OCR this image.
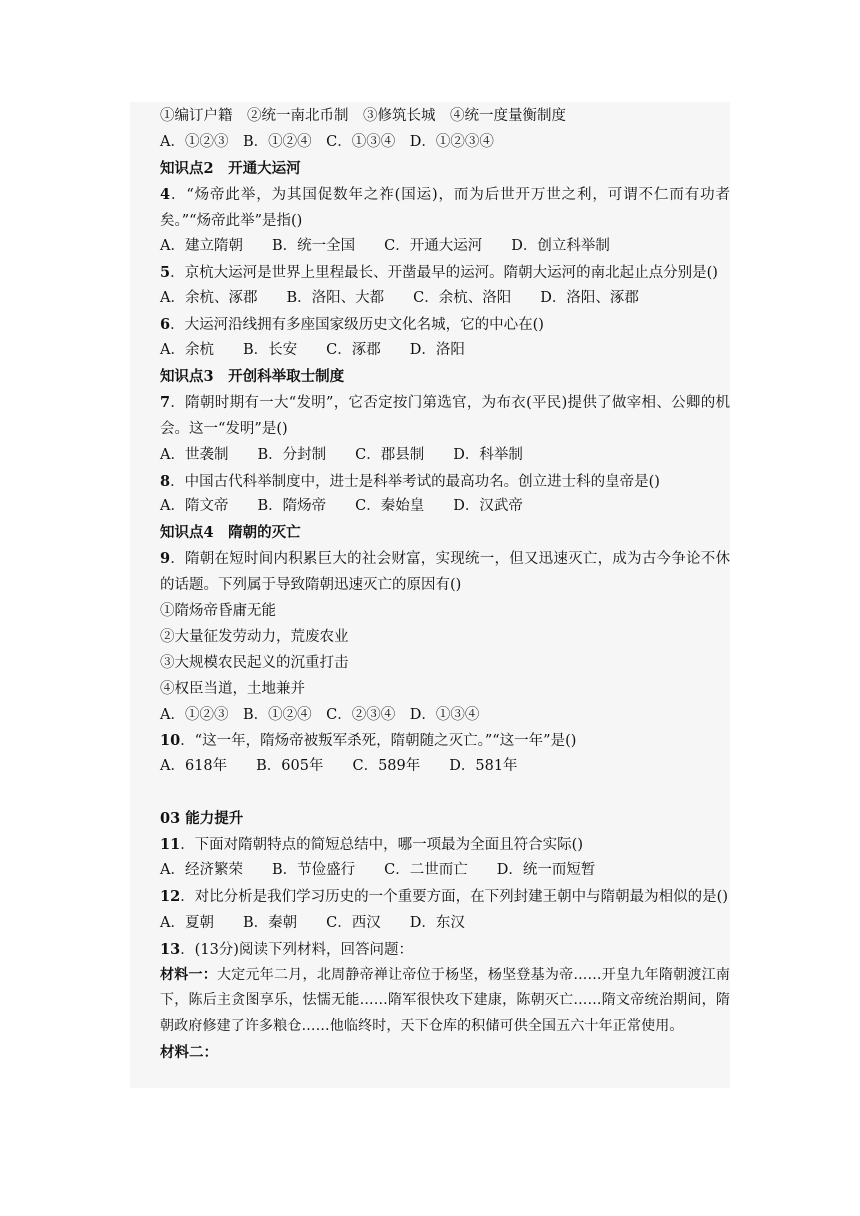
①编订户籍　②统一南北币制　③修筑长城　④统一度量衡制度
A．①②③　B．①②④　C．①③④　D．①②③④
知识点2　开通大运河
4．“炀帝此举，为其国促数年之祚(国运)，而为后世开万世之利，可谓不仁而有功者矣。”“炀帝此举”是指()
A．建立隋朝　　B．统一全国　　C．开通大运河　　D．创立科举制
5．京杭大运河是世界上里程最长、开凿最早的运河。隋朝大运河的南北起止点分别是()
A．余杭、涿郡　　B．洛阳、大都　　C．余杭、洛阳　　D．洛阳、涿郡
6．大运河沿线拥有多座国家级历史文化名城，它的中心在()
A．余杭　　B．长安　　C．涿郡　　D．洛阳
知识点3　开创科举取士制度
7．隋朝时期有一大“发明”，它否定按门第选官，为布衣(平民)提供了做宰相、公卿的机会。这一“发明”是()
A．世袭制　　B．分封制　　C．郡县制　　D．科举制
8．中国古代科举制度中，进士是科举考试的最高功名。创立进士科的皇帝是()
A．隋文帝　　B．隋炀帝　　C．秦始皇　　D．汉武帝
知识点4　隋朝的灭亡
9．隋朝在短时间内积累巨大的社会财富，实现统一，但又迅速灭亡，成为古今争论不休的话题。下列属于导致隋朝迅速灭亡的原因有()
①隋炀帝昏庸无能
②大量征发劳动力，荒废农业
③大规模农民起义的沉重打击
④权臣当道，土地兼并
A．①②③　B．①②④　C．②③④　D．①③④
10．“这一年，隋炀帝被叛军杀死，隋朝随之灭亡。”“这一年”是()
A．618年　　B．605年　　C．589年　　D．581年
03 能力提升
11．下面对隋朝特点的简短总结中，哪一项最为全面且符合实际()
A．经济繁荣　　B．节俭盛行　　C．二世而亡　　D．统一而短暂
12．对比分析是我们学习历史的一个重要方面，在下列封建王朝中与隋朝最为相似的是()
A．夏朝　　B．秦朝　　C．西汉　　D．东汉
13．(13分)阅读下列材料，回答问题：
材料一：大定元年二月，北周静帝禅让帝位于杨坚，杨坚登基为帝……开皇九年隋朝渡江南下，陈后主贪图享乐，怯懦无能……隋军很快攻下建康，陈朝灭亡……隋文帝统治期间，隋朝政府修建了许多粮仓……他临终时，天下仓库的积储可供全国五六十年正常使用。
材料二：
